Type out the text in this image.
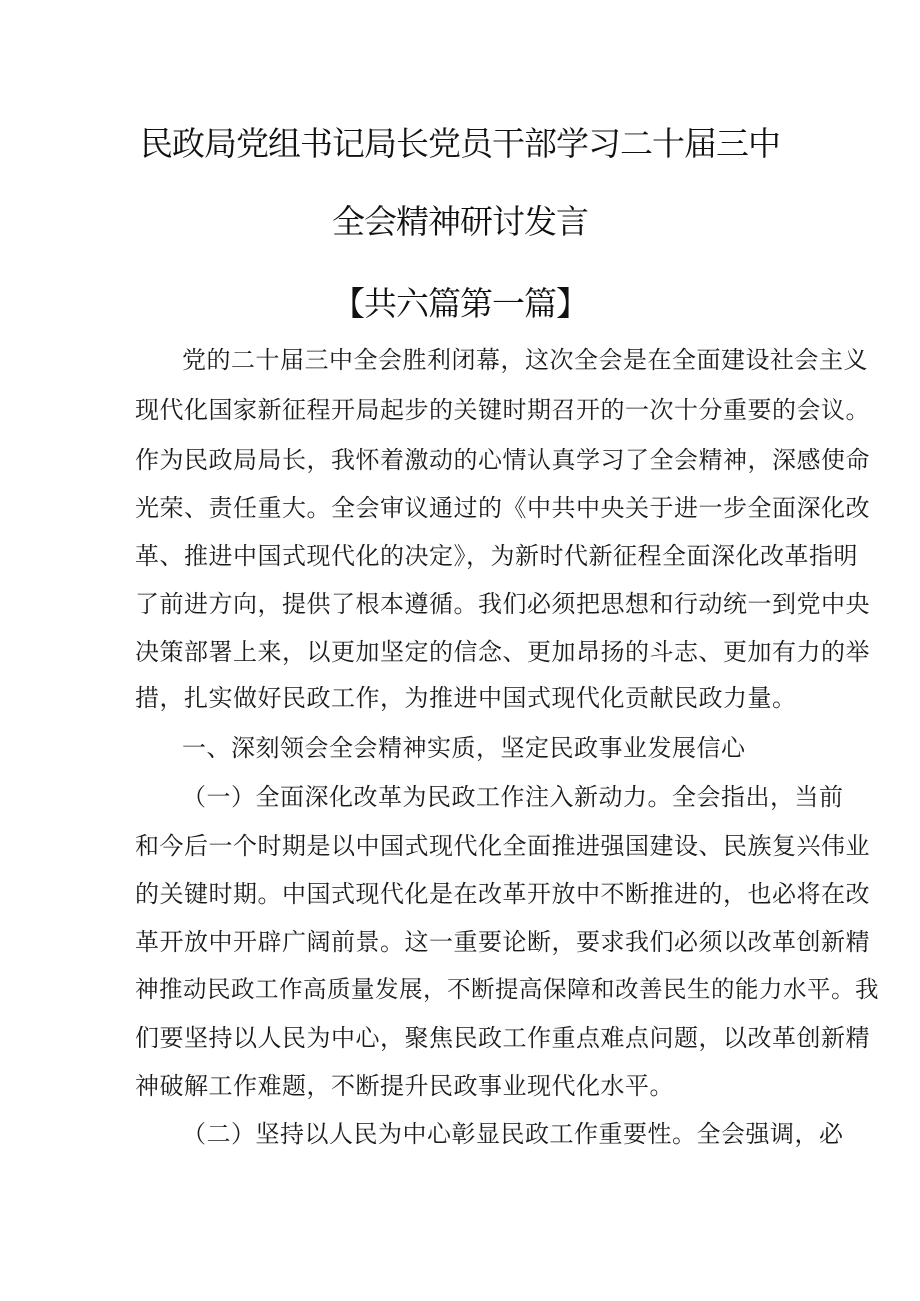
民政局党组书记局长党员干部学习二十届三中
全会精神研讨发言
【共六篇第一篇】
党的二十届三中全会胜利闭幕，这次全会是在全面建设社会主义
现代化国家新征程开局起步的关键时期召开的一次十分重要的会议。
作为民政局局长，我怀着激动的心情认真学习了全会精神，深感使命
光荣、责任重大。全会审议通过的《中共中央关于进一步全面深化改
革、推进中国式现代化的决定》，为新时代新征程全面深化改革指明
了前进方向，提供了根本遵循。我们必须把思想和行动统一到党中央
决策部署上来，以更加坚定的信念、更加昂扬的斗志、更加有力的举
措，扎实做好民政工作，为推进中国式现代化贡献民政力量。
一、深刻领会全会精神实质，坚定民政事业发展信心
（一）全面深化改革为民政工作注入新动力。全会指出，当前
和今后一个时期是以中国式现代化全面推进强国建设、民族复兴伟业
的关键时期。中国式现代化是在改革开放中不断推进的，也必将在改
革开放中开辟广阔前景。这一重要论断，要求我们必须以改革创新精
神推动民政工作高质量发展，不断提高保障和改善民生的能力水平。我
们要坚持以人民为中心，聚焦民政工作重点难点问题，以改革创新精
神破解工作难题，不断提升民政事业现代化水平。
（二）坚持以人民为中心彰显民政工作重要性。全会强调，必
